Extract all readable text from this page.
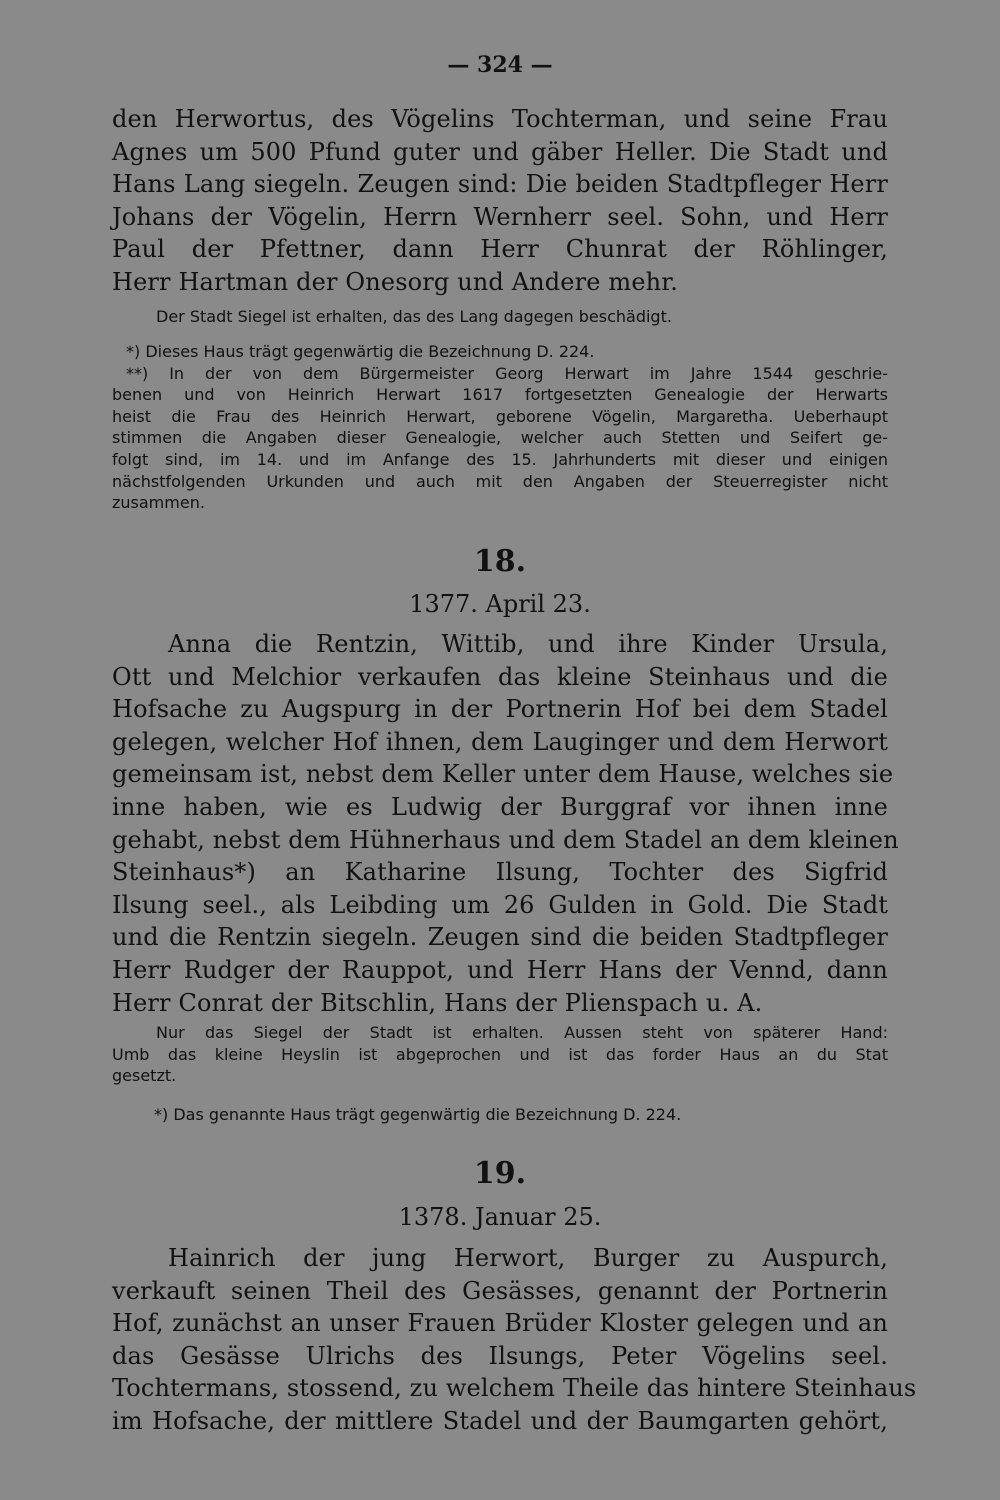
— 324 —
den Herwortus, des Vögelins Tochterman, und seine Frau
Agnes um 500 Pfund guter und gäber Heller. Die Stadt und
Hans Lang siegeln. Zeugen sind: Die beiden Stadtpfleger Herr
Johans der Vögelin, Herrn Wernherr seel. Sohn, und Herr
Paul der Pfettner, dann Herr Chunrat der Röhlinger,
Herr Hartman der Onesorg und Andere mehr.
Der Stadt Siegel ist erhalten, das des Lang dagegen beschädigt.
*) Dieses Haus trägt gegenwärtig die Bezeichnung D. 224.
**) In der von dem Bürgermeister Georg Herwart im Jahre 1544 geschrie-
benen und von Heinrich Herwart 1617 fortgesetzten Genealogie der Herwarts
heist die Frau des Heinrich Herwart, geborene Vögelin, Margaretha. Ueberhaupt
stimmen die Angaben dieser Genealogie, welcher auch Stetten und Seifert ge-
folgt sind, im 14. und im Anfange des 15. Jahrhunderts mit dieser und einigen
nächstfolgenden Urkunden und auch mit den Angaben der Steuerregister nicht
zusammen.
18.
1377. April 23.
Anna die Rentzin, Wittib, und ihre Kinder Ursula,
Ott und Melchior verkaufen das kleine Steinhaus und die
Hofsache zu Augspurg in der Portnerin Hof bei dem Stadel
gelegen, welcher Hof ihnen, dem Lauginger und dem Herwort
gemeinsam ist, nebst dem Keller unter dem Hause, welches sie
inne haben, wie es Ludwig der Burggraf vor ihnen inne
gehabt, nebst dem Hühnerhaus und dem Stadel an dem kleinen
Steinhaus*) an Katharine Ilsung, Tochter des Sigfrid
Ilsung seel., als Leibding um 26 Gulden in Gold. Die Stadt
und die Rentzin siegeln. Zeugen sind die beiden Stadtpfleger
Herr Rudger der Rauppot, und Herr Hans der Vennd, dann
Herr Conrat der Bitschlin, Hans der Plienspach u. A.
Nur das Siegel der Stadt ist erhalten. Aussen steht von späterer Hand:
Umb das kleine Heyslin ist abgeprochen und ist das forder Haus an du Stat
gesetzt.
*) Das genannte Haus trägt gegenwärtig die Bezeichnung D. 224.
19.
1378. Januar 25.
Hainrich der jung Herwort, Burger zu Auspurch,
verkauft seinen Theil des Gesässes, genannt der Portnerin
Hof, zunächst an unser Frauen Brüder Kloster gelegen und an
das Gesässe Ulrichs des Ilsungs, Peter Vögelins seel.
Tochtermans, stossend, zu welchem Theile das hintere Steinhaus
im Hofsache, der mittlere Stadel und der Baumgarten gehört,
